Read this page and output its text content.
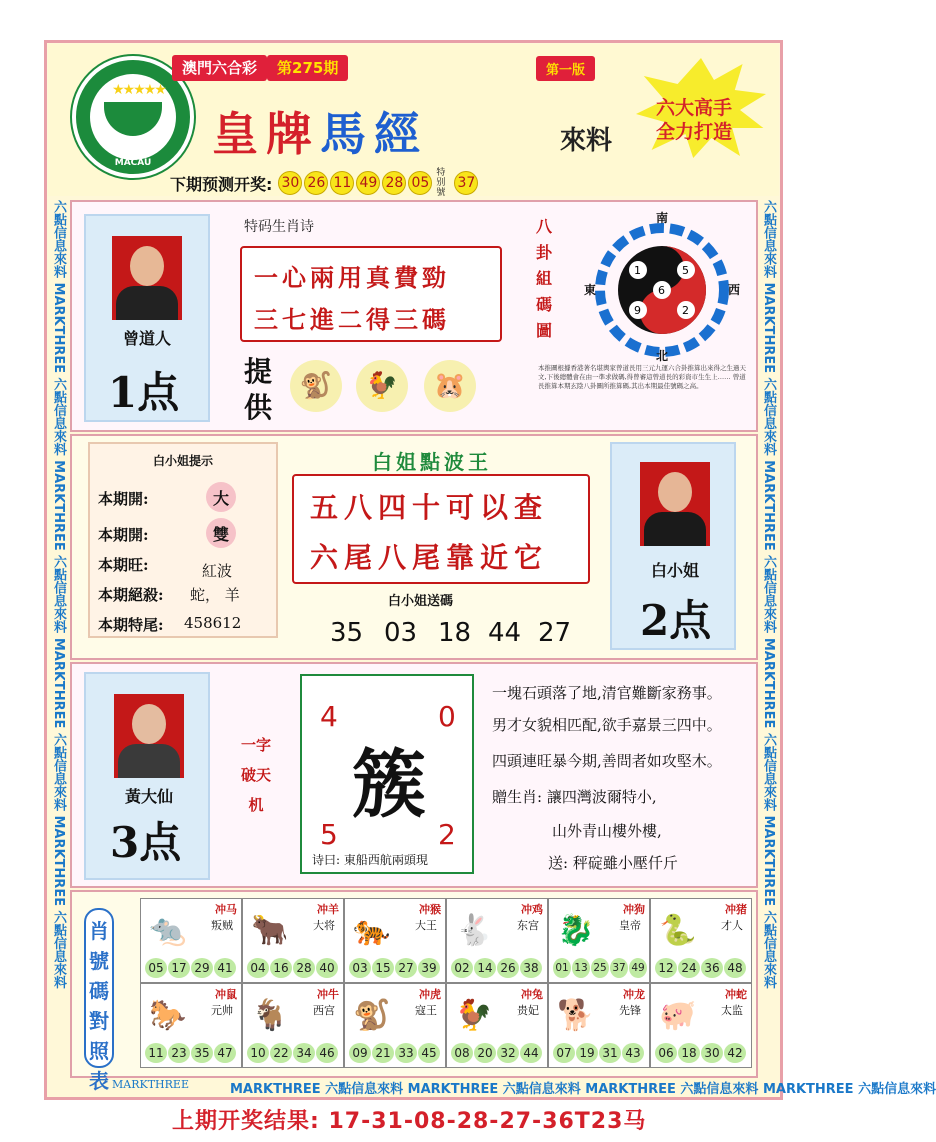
★★★★★
MACAU
澳門六合彩	第275期	第一版
皇牌馬經	來料
六大高手
全力打造
下期预测开奖: 30 26 11 49 28 05
特别號
37
六點信息來料 MARKTHREE 六點信息來料 MARKTHREE 六點信息來料 MARKTHREE 六點信息來料 MARKTHREE 六點信息來料	六點信息來料 MARKTHREE 六點信息來料 MARKTHREE 六點信息來料 MARKTHREE 六點信息來料 MARKTHREE 六點信息來料
曾道人
1点
特码生肖诗
一心兩用真費勁
三七進二得三碼
提供
🐒	🐓	🐹
八卦組碼圖
南
北
東	西
1	5
6
9	2
本推圖根據香港著名堪輿家曾道長用三元九運六合卦推算出來得之生過天文,下後總體會在由一準求做碼,得曾審這曾道長的彩資市生生上…… 曾道長推算本期玄陰八卦圖所推算碼,其出本期最佳號碼之高。
白小姐提示
本期開:	大
本期開:	雙
本期旺:	紅波
本期絕殺: 蛇， 羊
本期特尾: 458612
白姐點波王
五八四十可以查
六尾八尾靠近它
白小姐送碼
35 03 18 44 27
白小姐
2点
黃大仙
3点
一字破天机
4	0
5	2
簇
诗曰: 東船西航兩頭現
一塊石頭落了地,清官難斷家務事。
男才女貌相匹配,欲手嘉景三四中。
四頭連旺暴今期,善問者如攻堅木。
贈生肖: 讓四灣波爾特小,
山外青山樓外樓,
送: 秤碇雖小壓仟斤
肖號碼對照表
🐀
冲马
叛贼
05 17 29 41
🐂
冲羊
大将
04 16 28 40
🐅
冲猴
大王
03 15 27 39
🐇
冲鸡
东宫
02 14 26 38
🐉
冲狗
皇帝
01 13 25 37 49
🐍
冲猪
才人
12 24 36 48
🐎
冲鼠
元帅
11 23 35 47
🐐
冲牛
西宫
10 22 34 46
🐒
冲虎
寇王
09 21 33 45
🐓
冲兔
贵妃
08 20 32 44
🐕
冲龙
先锋
07 19 31 43
🐖
冲蛇
太监
06 18 30 42
MARKTHREE	MARKTHREE 六點信息來料 MARKTHREE 六點信息來料 MARKTHREE 六點信息來料 MARKTHREE 六點信息來料
上期开奖结果: 17-31-08-28-27-36T23马
